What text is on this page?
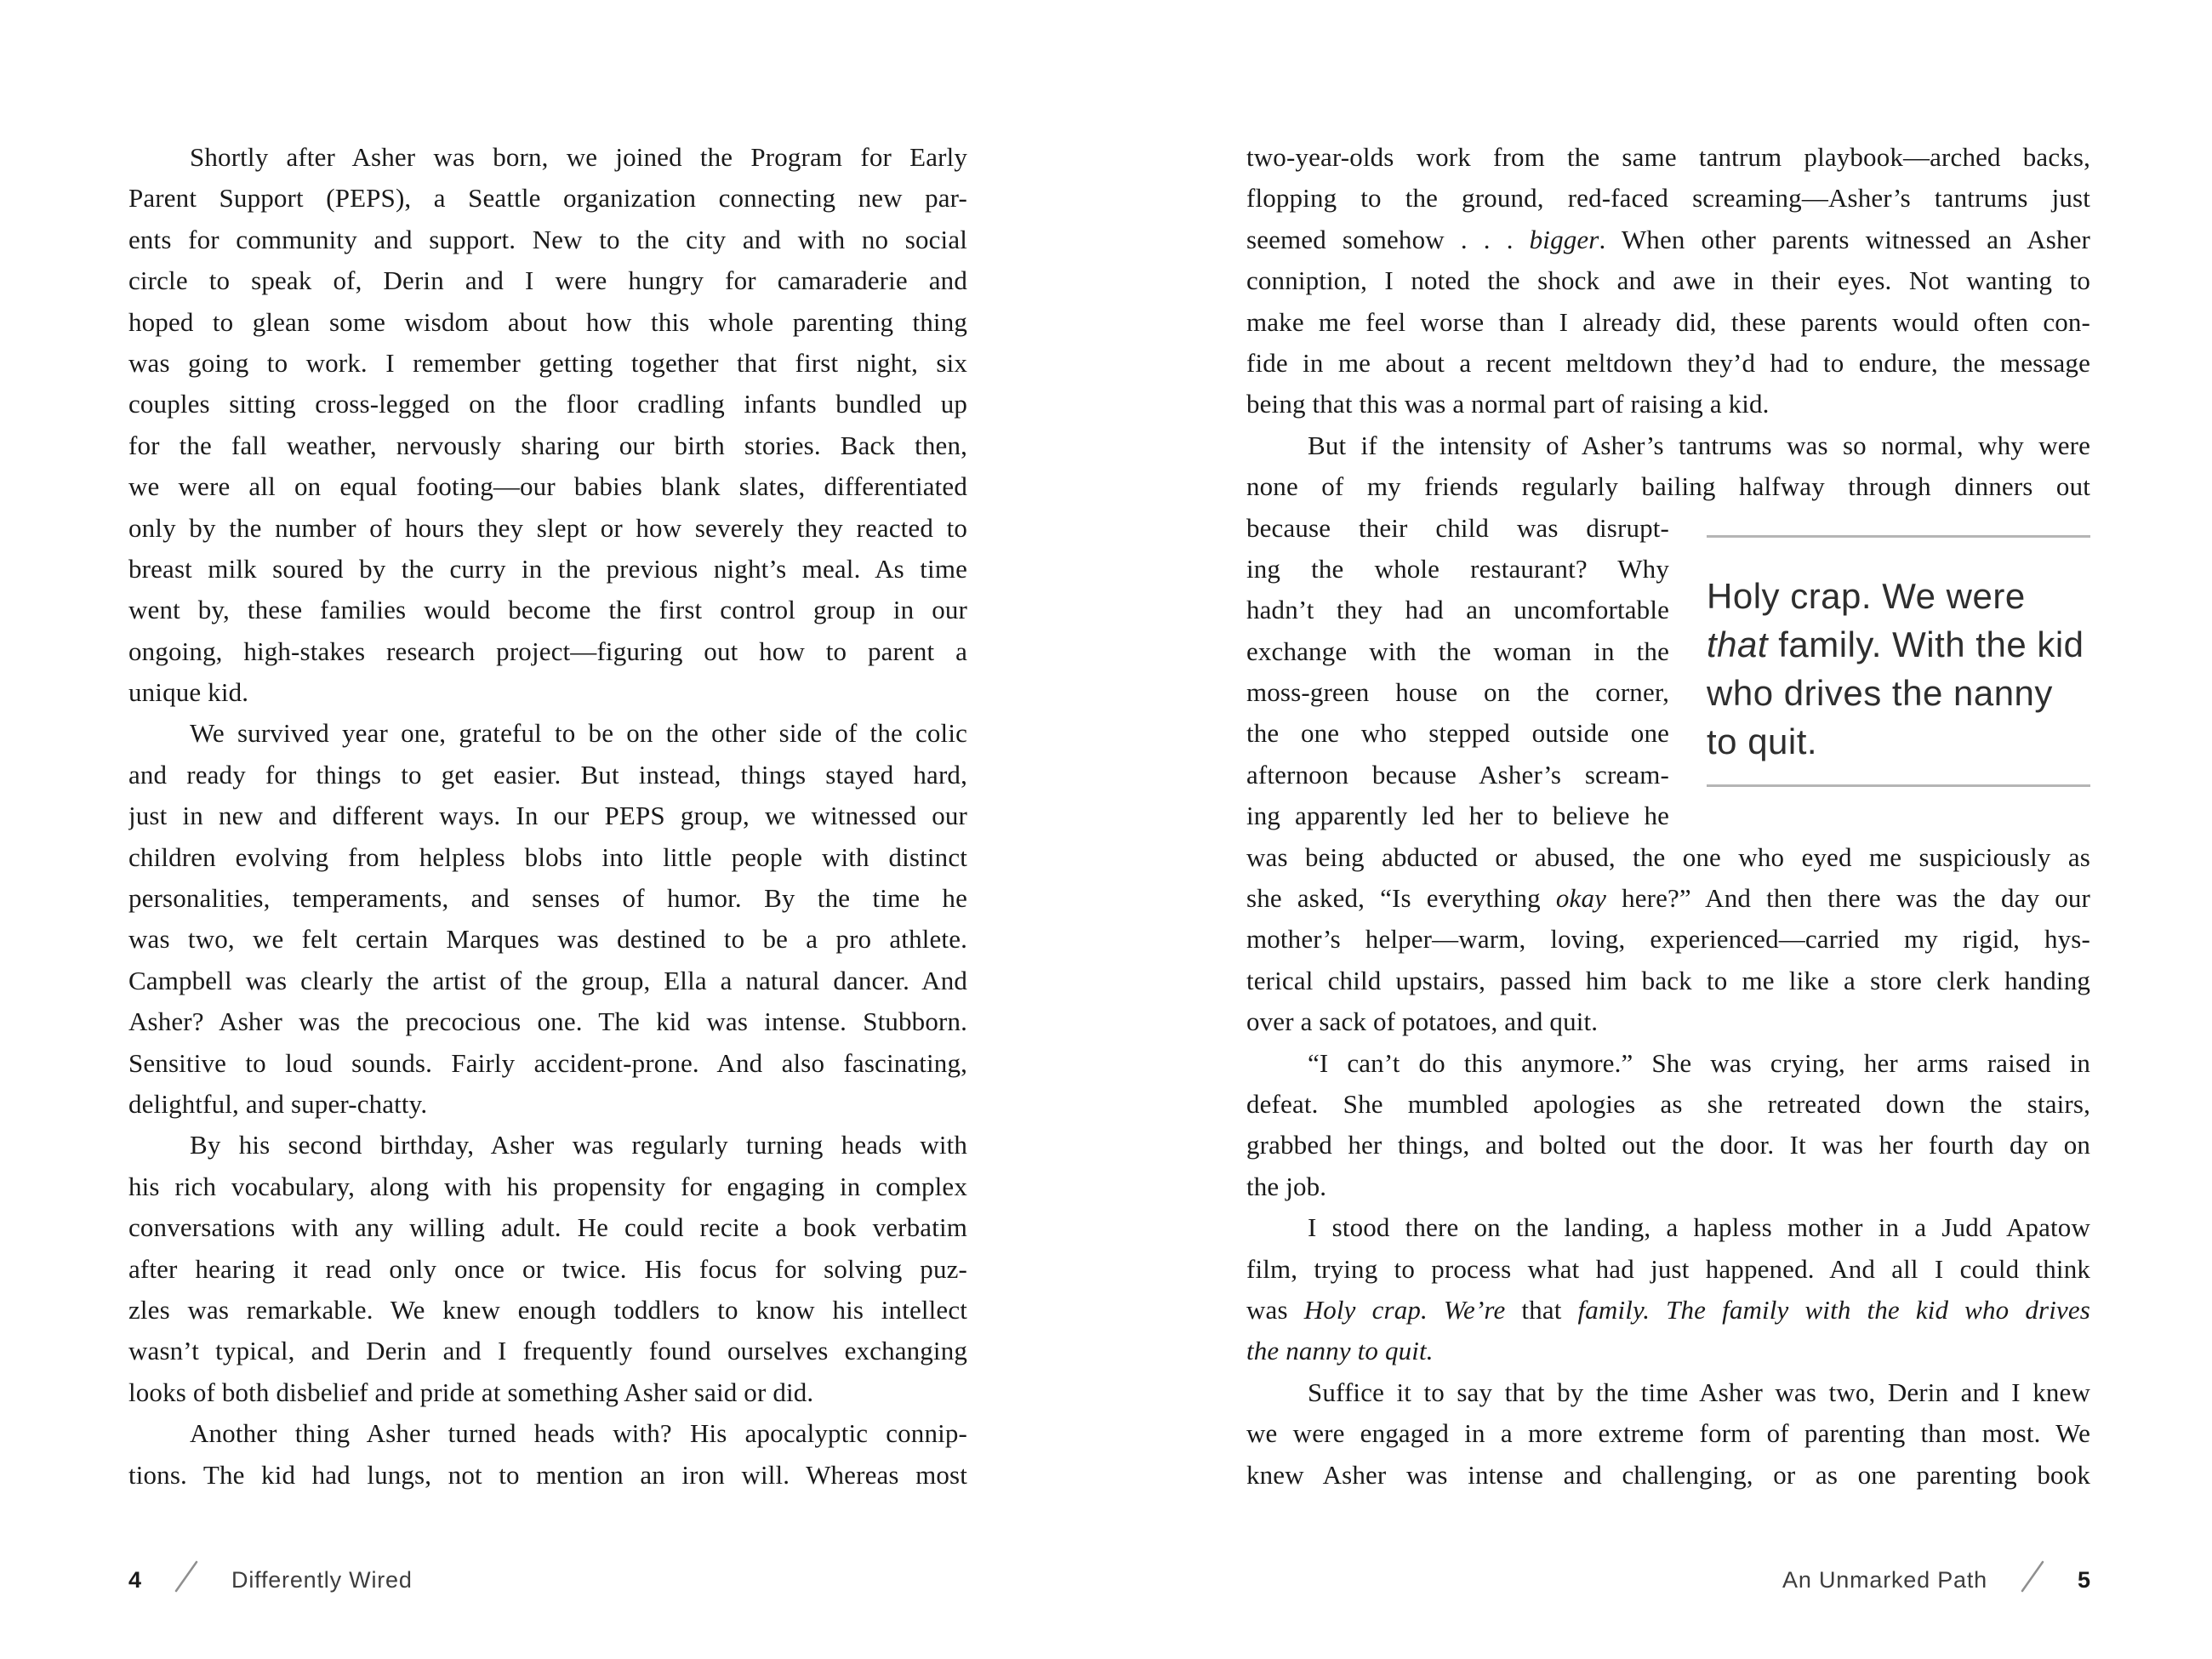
Shortly after Asher was born, we joined the Program for Early
Parent Support (PEPS), a Seattle organization connecting new par-
ents for community and support. New to the city and with no social
circle to speak of, Derin and I were hungry for camaraderie and
hoped to glean some wisdom about how this whole parenting thing
was going to work. I remember getting together that first night, six
couples sitting cross-legged on the floor cradling infants bundled up
for the fall weather, nervously sharing our birth stories. Back then,
we were all on equal footing—our babies blank slates, differentiated
only by the number of hours they slept or how severely they reacted to
breast milk soured by the curry in the previous night’s meal. As time
went by, these families would become the first control group in our
ongoing, high-stakes research project—figuring out how to parent a
unique kid.
We survived year one, grateful to be on the other side of the colic
and ready for things to get easier. But instead, things stayed hard,
just in new and different ways. In our PEPS group, we witnessed our
children evolving from helpless blobs into little people with distinct
personalities, temperaments, and senses of humor. By the time he
was two, we felt certain Marques was destined to be a pro athlete.
Campbell was clearly the artist of the group, Ella a natural dancer. And
Asher? Asher was the precocious one. The kid was intense. Stubborn.
Sensitive to loud sounds. Fairly accident-prone. And also fascinating,
delightful, and super-chatty.
By his second birthday, Asher was regularly turning heads with
his rich vocabulary, along with his propensity for engaging in complex
conversations with any willing adult. He could recite a book verbatim
after hearing it read only once or twice. His focus for solving puz-
zles was remarkable. We knew enough toddlers to know his intellect
wasn’t typical, and Derin and I frequently found ourselves exchanging
looks of both disbelief and pride at something Asher said or did.
Another thing Asher turned heads with? His apocalyptic connip-
tions. The kid had lungs, not to mention an iron will. Whereas most
4	Differently Wired
two-year-olds work from the same tantrum playbook—arched backs,
flopping to the ground, red-faced screaming—Asher’s tantrums just
seemed somehow . . . bigger. When other parents witnessed an Asher
conniption, I noted the shock and awe in their eyes. Not wanting to
make me feel worse than I already did, these parents would often con-
fide in me about a recent meltdown they’d had to endure, the message
being that this was a normal part of raising a kid.
But if the intensity of Asher’s tantrums was so normal, why were
none of my friends regularly bailing halfway through dinners out
because their child was disrupt-
ing the whole restaurant? Why
hadn’t they had an uncomfortable
exchange with the woman in the
moss-green house on the corner,
the one who stepped outside one
afternoon because Asher’s scream-
ing apparently led her to believe he
Holy crap. We were
that family. With the kid
who drives the nanny
to quit.
was being abducted or abused, the one who eyed me suspiciously as
she asked, “Is everything okay here?” And then there was the day our
mother’s helper—warm, loving, experienced—carried my rigid, hys-
terical child upstairs, passed him back to me like a store clerk handing
over a sack of potatoes, and quit.
“I can’t do this anymore.” She was crying, her arms raised in
defeat. She mumbled apologies as she retreated down the stairs,
grabbed her things, and bolted out the door. It was her fourth day on
the job.
I stood there on the landing, a hapless mother in a Judd Apatow
film, trying to process what had just happened. And all I could think
was Holy crap. We’re that family. The family with the kid who drives
the nanny to quit.
Suffice it to say that by the time Asher was two, Derin and I knew
we were engaged in a more extreme form of parenting than most. We
knew Asher was intense and challenging, or as one parenting book
An Unmarked Path	5
